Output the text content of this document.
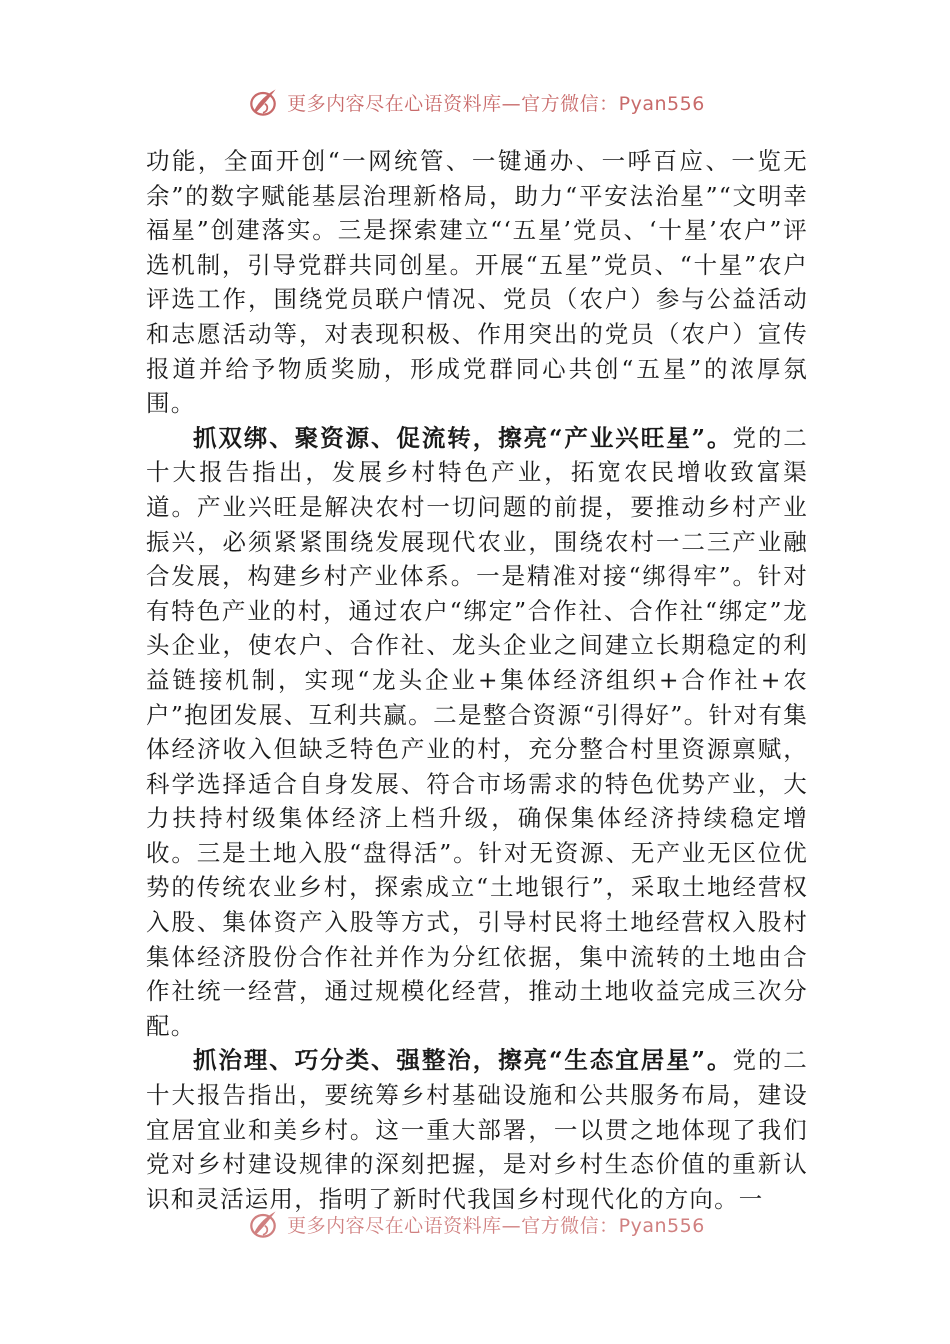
更多内容尽在心语资料库—官方微信：Pyan556

功能，全面开创“一网统管、一键通办、一呼百应、一览无余”的数字赋能基层治理新格局，助力“平安法治星”“文明幸福星”创建落实。三是探索建立“‘五星’党员、‘十星’农户”评选机制，引导党群共同创星。开展“五星”党员、“十星”农户评选工作，围绕党员联户情况、党员（农户）参与公益活动和志愿活动等，对表现积极、作用突出的党员（农户）宣传报道并给予物质奖励，形成党群同心共创“五星”的浓厚氛围。

抓双绑、聚资源、促流转，擦亮“产业兴旺星”。党的二十大报告指出，发展乡村特色产业，拓宽农民增收致富渠道。产业兴旺是解决农村一切问题的前提，要推动乡村产业振兴，必须紧紧围绕发展现代农业，围绕农村一二三产业融合发展，构建乡村产业体系。一是精准对接“绑得牢”。针对有特色产业的村，通过农户“绑定”合作社、合作社“绑定”龙头企业，使农户、合作社、龙头企业之间建立长期稳定的利益链接机制，实现“龙头企业+集体经济组织+合作社+农户”抱团发展、互利共赢。二是整合资源“引得好”。针对有集体经济收入但缺乏特色产业的村，充分整合村里资源禀赋，科学选择适合自身发展、符合市场需求的特色优势产业，大力扶持村级集体经济上档升级，确保集体经济持续稳定增收。三是土地入股“盘得活”。针对无资源、无产业无区位优势的传统农业乡村，探索成立“土地银行”，采取土地经营权入股、集体资产入股等方式，引导村民将土地经营权入股村集体经济股份合作社并作为分红依据，集中流转的土地由合作社统一经营，通过规模化经营，推动土地收益完成三次分配。

抓治理、巧分类、强整治，擦亮“生态宜居星”。党的二十大报告指出，要统筹乡村基础设施和公共服务布局，建设宜居宜业和美乡村。这一重大部署，一以贯之地体现了我们党对乡村建设规律的深刻把握，是对乡村生态价值的重新认识和灵活运用，指明了新时代我国乡村现代化的方向。一

更多内容尽在心语资料库—官方微信：Pyan556
